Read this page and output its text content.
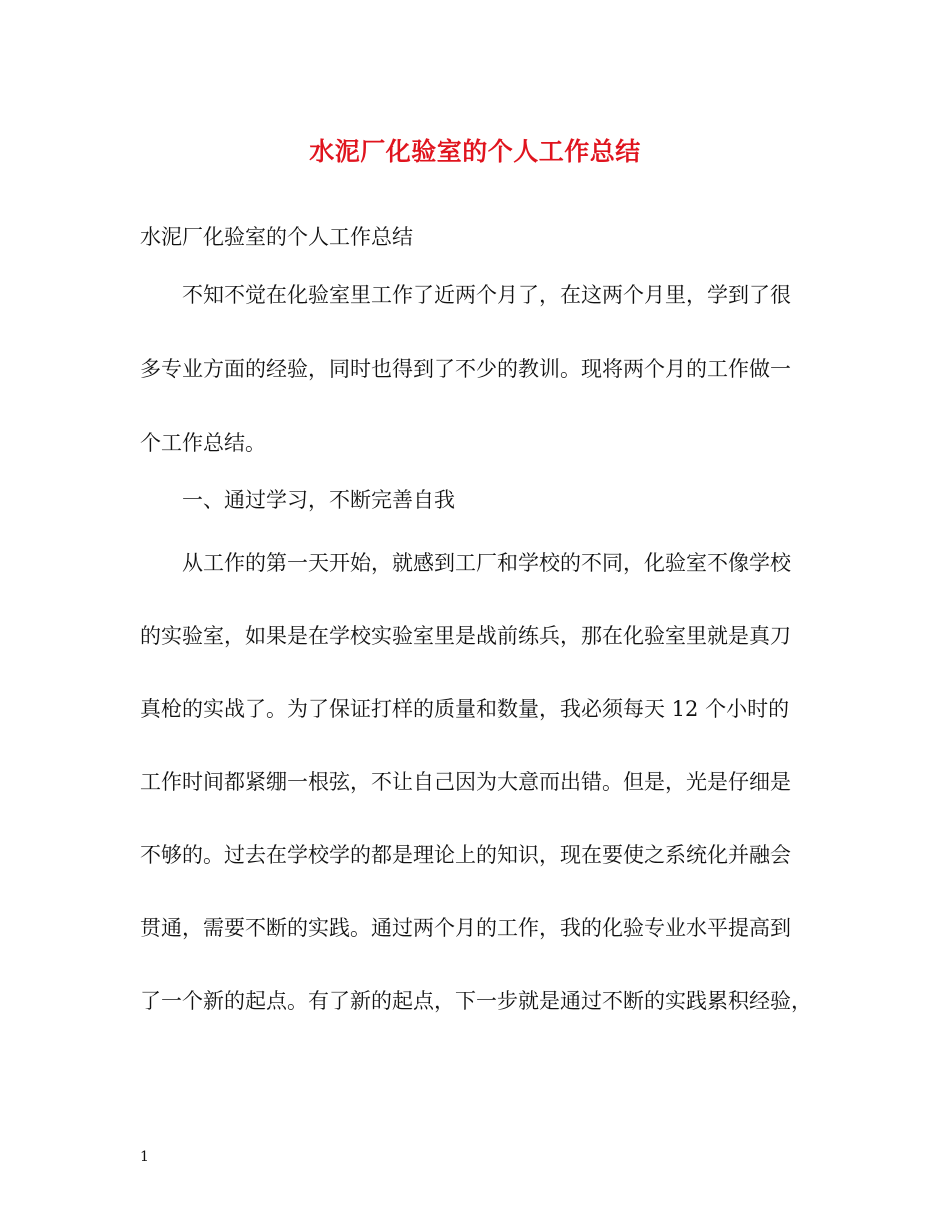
水泥厂化验室的个人工作总结
水泥厂化验室的个人工作总结
不知不觉在化验室里工作了近两个月了，在这两个月里，学到了很
多专业方面的经验，同时也得到了不少的教训。现将两个月的工作做一
个工作总结。
一、通过学习，不断完善自我
从工作的第一天开始，就感到工厂和学校的不同，化验室不像学校
的实验室，如果是在学校实验室里是战前练兵，那在化验室里就是真刀
真枪的实战了。为了保证打样的质量和数量，我必须每天 12 个小时的
工作时间都紧绷一根弦，不让自己因为大意而出错。但是，光是仔细是
不够的。过去在学校学的都是理论上的知识，现在要使之系统化并融会
贯通，需要不断的实践。通过两个月的工作，我的化验专业水平提高到
了一个新的起点。有了新的起点，下一步就是通过不断的实践累积经验，
1
